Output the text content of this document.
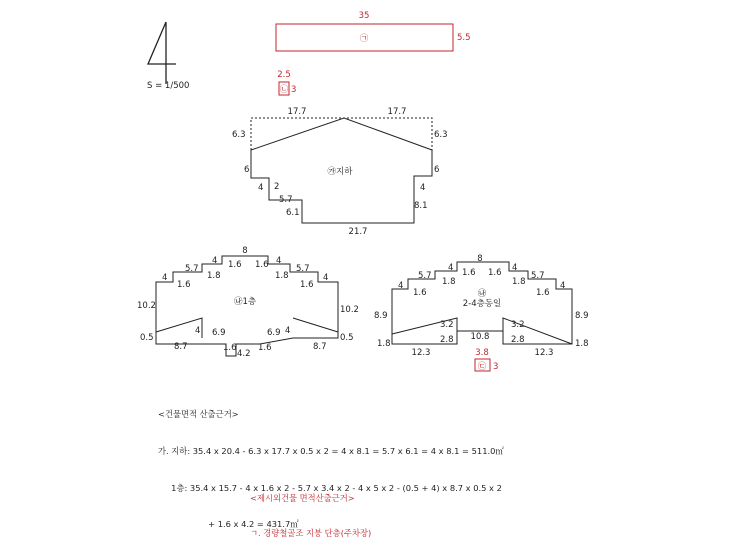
S = 1/500
35
5.5
㉠
2.5
3
㉡
㉮지하
17.7	17.7
6.3	6.3
6	6
4	4
2
5.7
6.1
8.1
21.7
㉯1층
8
4	4
1.6 1.6
5.7	5.7
1.8	1.8
4
1.6	1.6
4
10.2	10.2
0.5	0.5
4	4
6.9	6.9
1.6	1.6
4.2
8.7	8.7
㉯
2-4층동일
8
4	4
1.6 1.6
5.7	5.7
1.8	1.8
4
1.6	1.6
4
8.9	8.9
3.2	3.2
2.8	2.8
10.8
1.8	1.8
12.3	12.3
3.8
3
㉢

<건물면적 산출근거>

가. 지하: 35.4 x 20.4 - 6.3 x 17.7 x 0.5 x 2 = 4 x 8.1 = 5.7 x 6.1 = 4 x 8.1 = 511.0㎡

1층: 35.4 x 15.7 - 4 x 1.6 x 2 - 5.7 x 3.4 x 2 - 4 x 5 x 2 - (0.5 + 4) x 8.7 x 0.5 x 2

+ 1.6 x 4.2 = 431.7㎡

<제시외건물 면적산출근거>

ㄱ. 경량철골조 지붕 단층(주차장)
